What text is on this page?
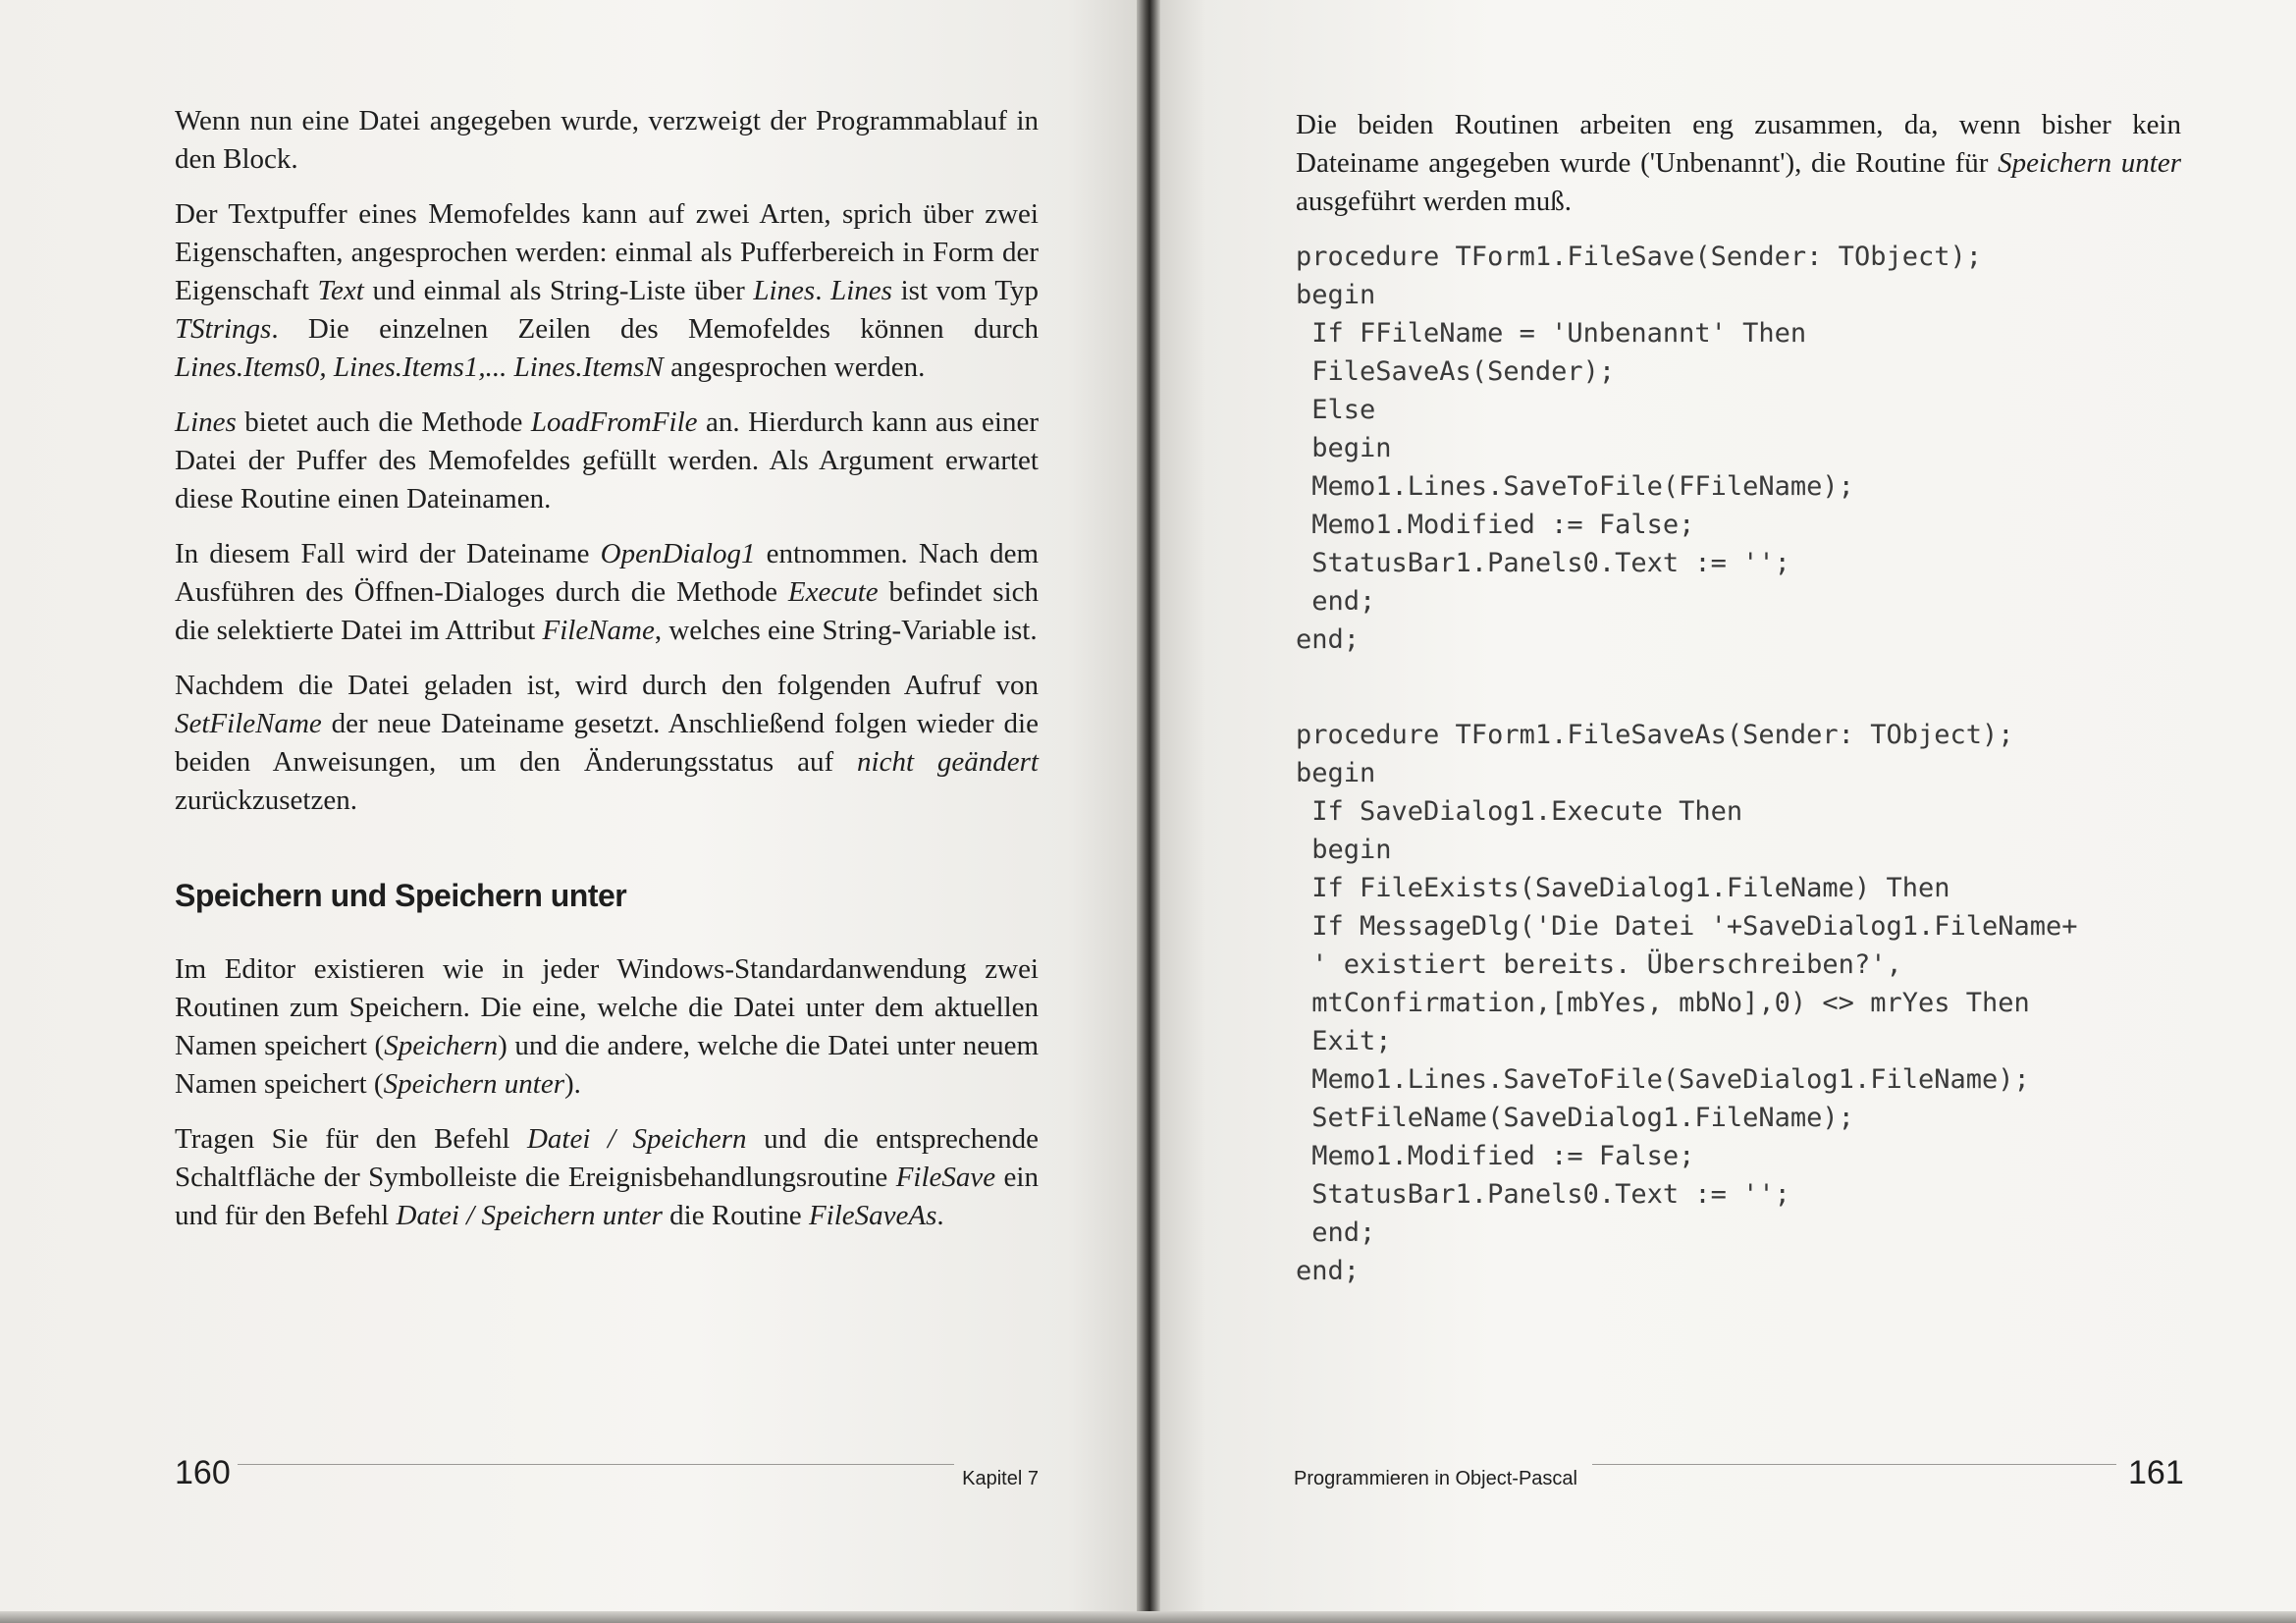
Wenn nun eine Datei angegeben wurde, verzweigt der Programmablauf in den Block.

Der Textpuffer eines Memofeldes kann auf zwei Arten, sprich über zwei Eigenschaften, angesprochen werden: einmal als Pufferbereich in Form der Eigenschaft Text und einmal als String-Liste über Lines. Lines ist vom Typ TStrings. Die einzelnen Zeilen des Memofeldes können durch Lines.Items0, Lines.Items1,... Lines.ItemsN angesprochen werden.

Lines bietet auch die Methode LoadFromFile an. Hierdurch kann aus einer Datei der Puffer des Memofeldes gefüllt werden. Als Argument erwartet diese Routine einen Dateinamen.

In diesem Fall wird der Dateiname OpenDialog1 entnommen. Nach dem Ausführen des Öffnen-Dialoges durch die Methode Execute befindet sich die selektierte Datei im Attribut FileName, welches eine String-Variable ist.

Nachdem die Datei geladen ist, wird durch den folgenden Aufruf von SetFileName der neue Dateiname gesetzt. Anschließend folgen wieder die beiden Anweisungen, um den Änderungsstatus auf nicht geändert zurückzusetzen.

Speichern und Speichern unter

Im Editor existieren wie in jeder Windows-Standardanwendung zwei Routinen zum Speichern. Die eine, welche die Datei unter dem aktuellen Namen speichert (Speichern) und die andere, welche die Datei unter neuem Namen speichert (Speichern unter).

Tragen Sie für den Befehl Datei / Speichern und die entsprechende Schaltfläche der Symbolleiste die Ereignisbehandlungsroutine FileSave ein und für den Befehl Datei / Speichern unter die Routine FileSaveAs.

160	Kapitel 7

Die beiden Routinen arbeiten eng zusammen, da, wenn bisher kein Dateiname angegeben wurde ('Unbenannt'), die Routine für Speichern unter ausgeführt werden muß.

procedure TForm1.FileSave(Sender: TObject);
begin
If FFileName = 'Unbenannt' Then
FileSaveAs(Sender);
Else
begin
Memo1.Lines.SaveToFile(FFileName);
Memo1.Modified := False;
StatusBar1.Panels0.Text := '';
end;
end;
procedure TForm1.FileSaveAs(Sender: TObject);
begin
If SaveDialog1.Execute Then
begin
If FileExists(SaveDialog1.FileName) Then
If MessageDlg('Die Datei '+SaveDialog1.FileName+
' existiert bereits. Überschreiben?',
mtConfirmation,[mbYes, mbNo],0) <> mrYes Then
Exit;
Memo1.Lines.SaveToFile(SaveDialog1.FileName);
SetFileName(SaveDialog1.FileName);
Memo1.Modified := False;
StatusBar1.Panels0.Text := '';
end;
end;
Programmieren in Object-Pascal	161
